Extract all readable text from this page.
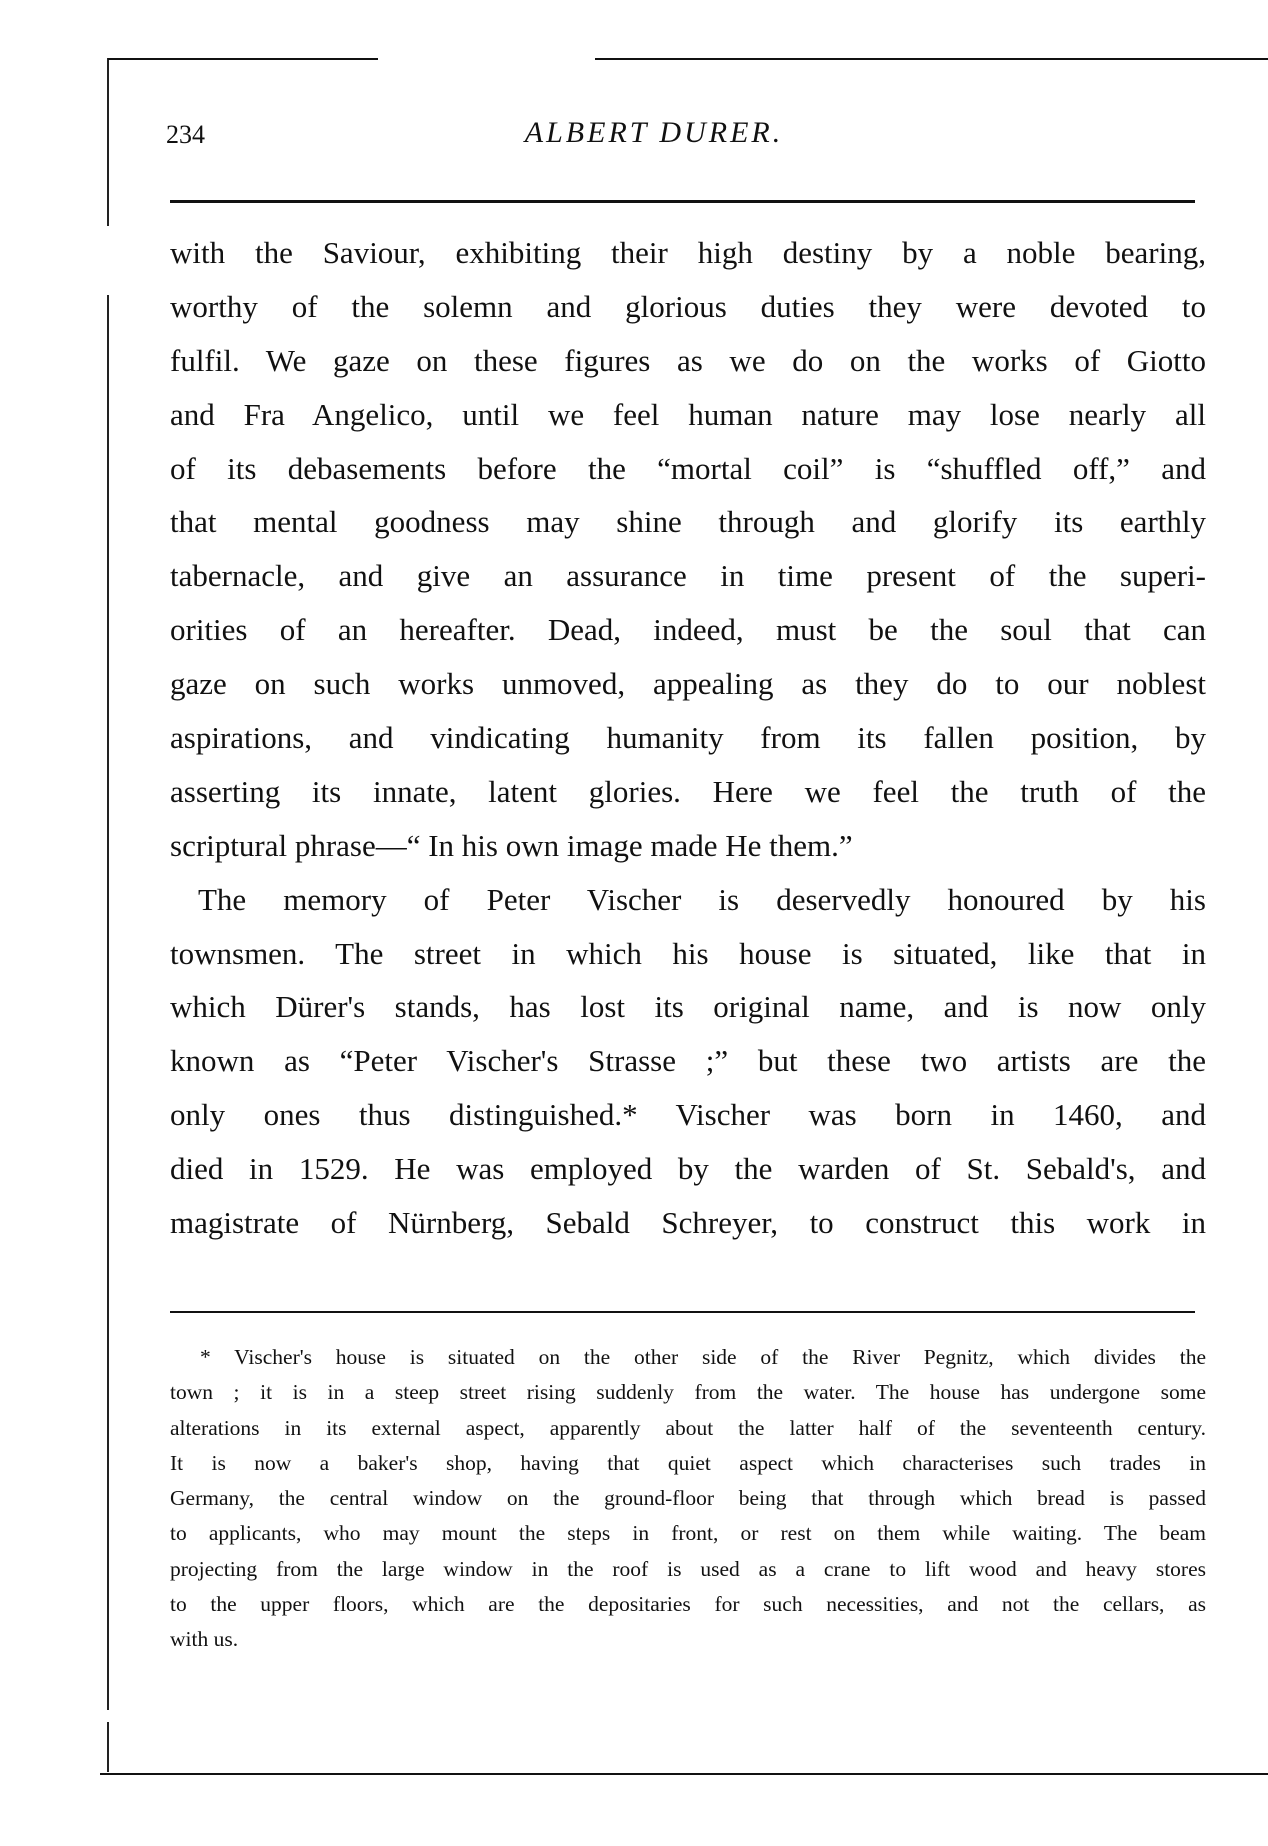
234	ALBERT DURER.
with the Saviour, exhibiting their high destiny by a noble bearing,
worthy of the solemn and glorious duties they were devoted to
fulfil. We gaze on these figures as we do on the works of Giotto
and Fra Angelico, until we feel human nature may lose nearly all
of its debasements before the “mortal coil” is “shuffled off,” and
that mental goodness may shine through and glorify its earthly
tabernacle, and give an assurance in time present of the superi-
orities of an hereafter. Dead, indeed, must be the soul that can
gaze on such works unmoved, appealing as they do to our noblest
aspirations, and vindicating humanity from its fallen position, by
asserting its innate, latent glories. Here we feel the truth of the
scriptural phrase—“ In his own image made He them.”
The memory of Peter Vischer is deservedly honoured by his
townsmen. The street in which his house is situated, like that in
which Dürer's stands, has lost its original name, and is now only
known as “Peter Vischer's Strasse ;” but these two artists are the
only ones thus distinguished.* Vischer was born in 1460, and
died in 1529. He was employed by the warden of St. Sebald's, and
magistrate of Nürnberg, Sebald Schreyer, to construct this work in
* Vischer's house is situated on the other side of the River Pegnitz, which divides the
town ; it is in a steep street rising suddenly from the water. The house has undergone some
alterations in its external aspect, apparently about the latter half of the seventeenth century.
It is now a baker's shop, having that quiet aspect which characterises such trades in
Germany, the central window on the ground-floor being that through which bread is passed
to applicants, who may mount the steps in front, or rest on them while waiting. The beam
projecting from the large window in the roof is used as a crane to lift wood and heavy stores
to the upper floors, which are the depositaries for such necessities, and not the cellars, as
with us.
